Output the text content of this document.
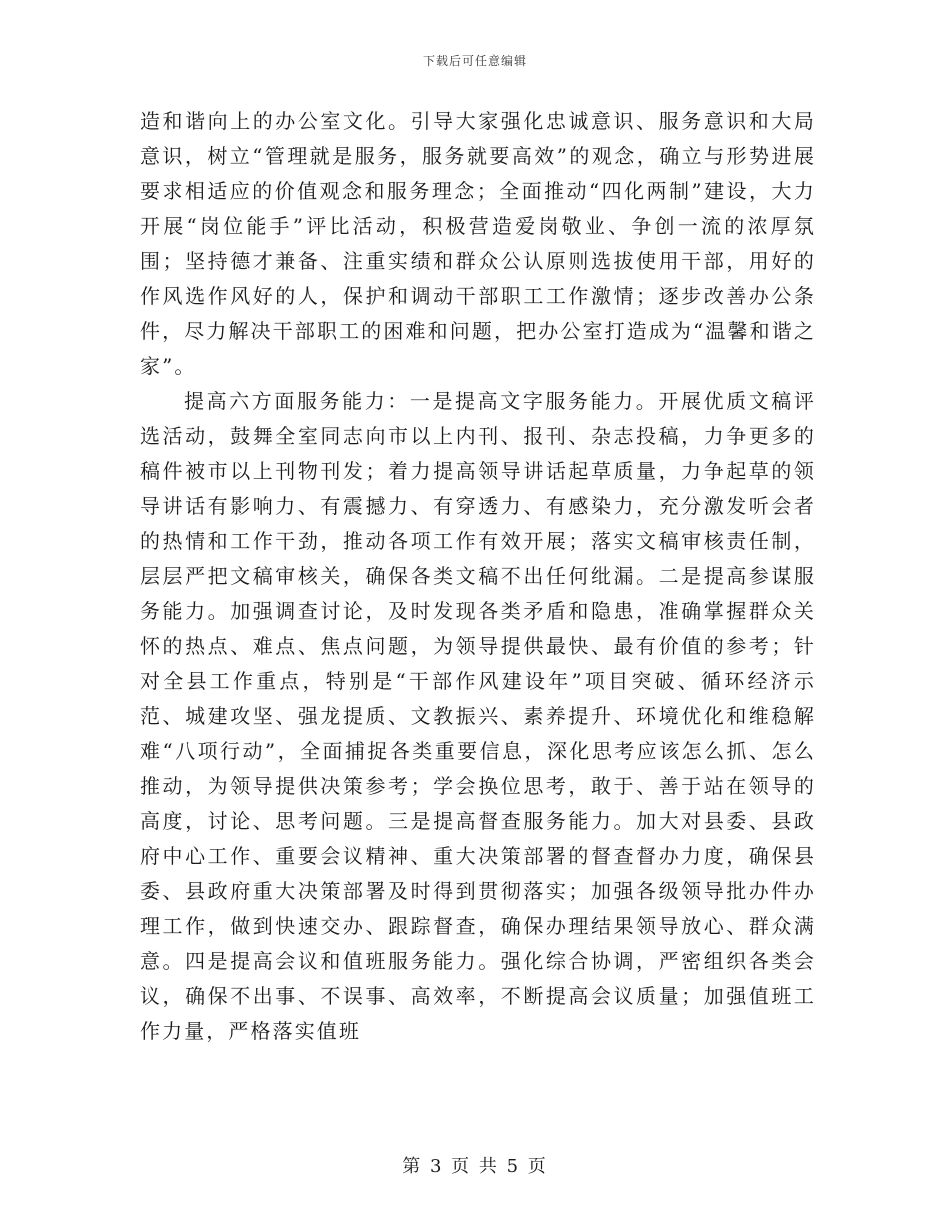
下载后可任意编辑

造和谐向上的办公室文化。引导大家强化忠诚意识、服务意识和大局意识，树立“管理就是服务，服务就要高效”的观念，确立与形势进展要求相适应的价值观念和服务理念；全面推动“四化两制”建设，大力开展“岗位能手”评比活动，积极营造爱岗敬业、争创一流的浓厚氛围；坚持德才兼备、注重实绩和群众公认原则选拔使用干部，用好的作风选作风好的人，保护和调动干部职工工作激情；逐步改善办公条件，尽力解决干部职工的困难和问题，把办公室打造成为“温馨和谐之家”。

提高六方面服务能力：一是提高文字服务能力。开展优质文稿评选活动，鼓舞全室同志向市以上内刊、报刊、杂志投稿，力争更多的稿件被市以上刊物刊发；着力提高领导讲话起草质量，力争起草的领导讲话有影响力、有震撼力、有穿透力、有感染力，充分激发听会者的热情和工作干劲，推动各项工作有效开展；落实文稿审核责任制，层层严把文稿审核关，确保各类文稿不出任何纰漏。二是提高参谋服务能力。加强调查讨论，及时发现各类矛盾和隐患，准确掌握群众关怀的热点、难点、焦点问题，为领导提供最快、最有价值的参考；针对全县工作重点，特别是“干部作风建设年”项目突破、循环经济示范、城建攻坚、强龙提质、文教振兴、素养提升、环境优化和维稳解难“八项行动”，全面捕捉各类重要信息，深化思考应该怎么抓、怎么推动，为领导提供决策参考；学会换位思考，敢于、善于站在领导的高度，讨论、思考问题。三是提高督查服务能力。加大对县委、县政府中心工作、重要会议精神、重大决策部署的督查督办力度，确保县委、县政府重大决策部署及时得到贯彻落实；加强各级领导批办件办理工作，做到快速交办、跟踪督查，确保办理结果领导放心、群众满意。四是提高会议和值班服务能力。强化综合协调，严密组织各类会议，确保不出事、不误事、高效率，不断提高会议质量；加强值班工作力量，严格落实值班

第 3 页 共 5 页
